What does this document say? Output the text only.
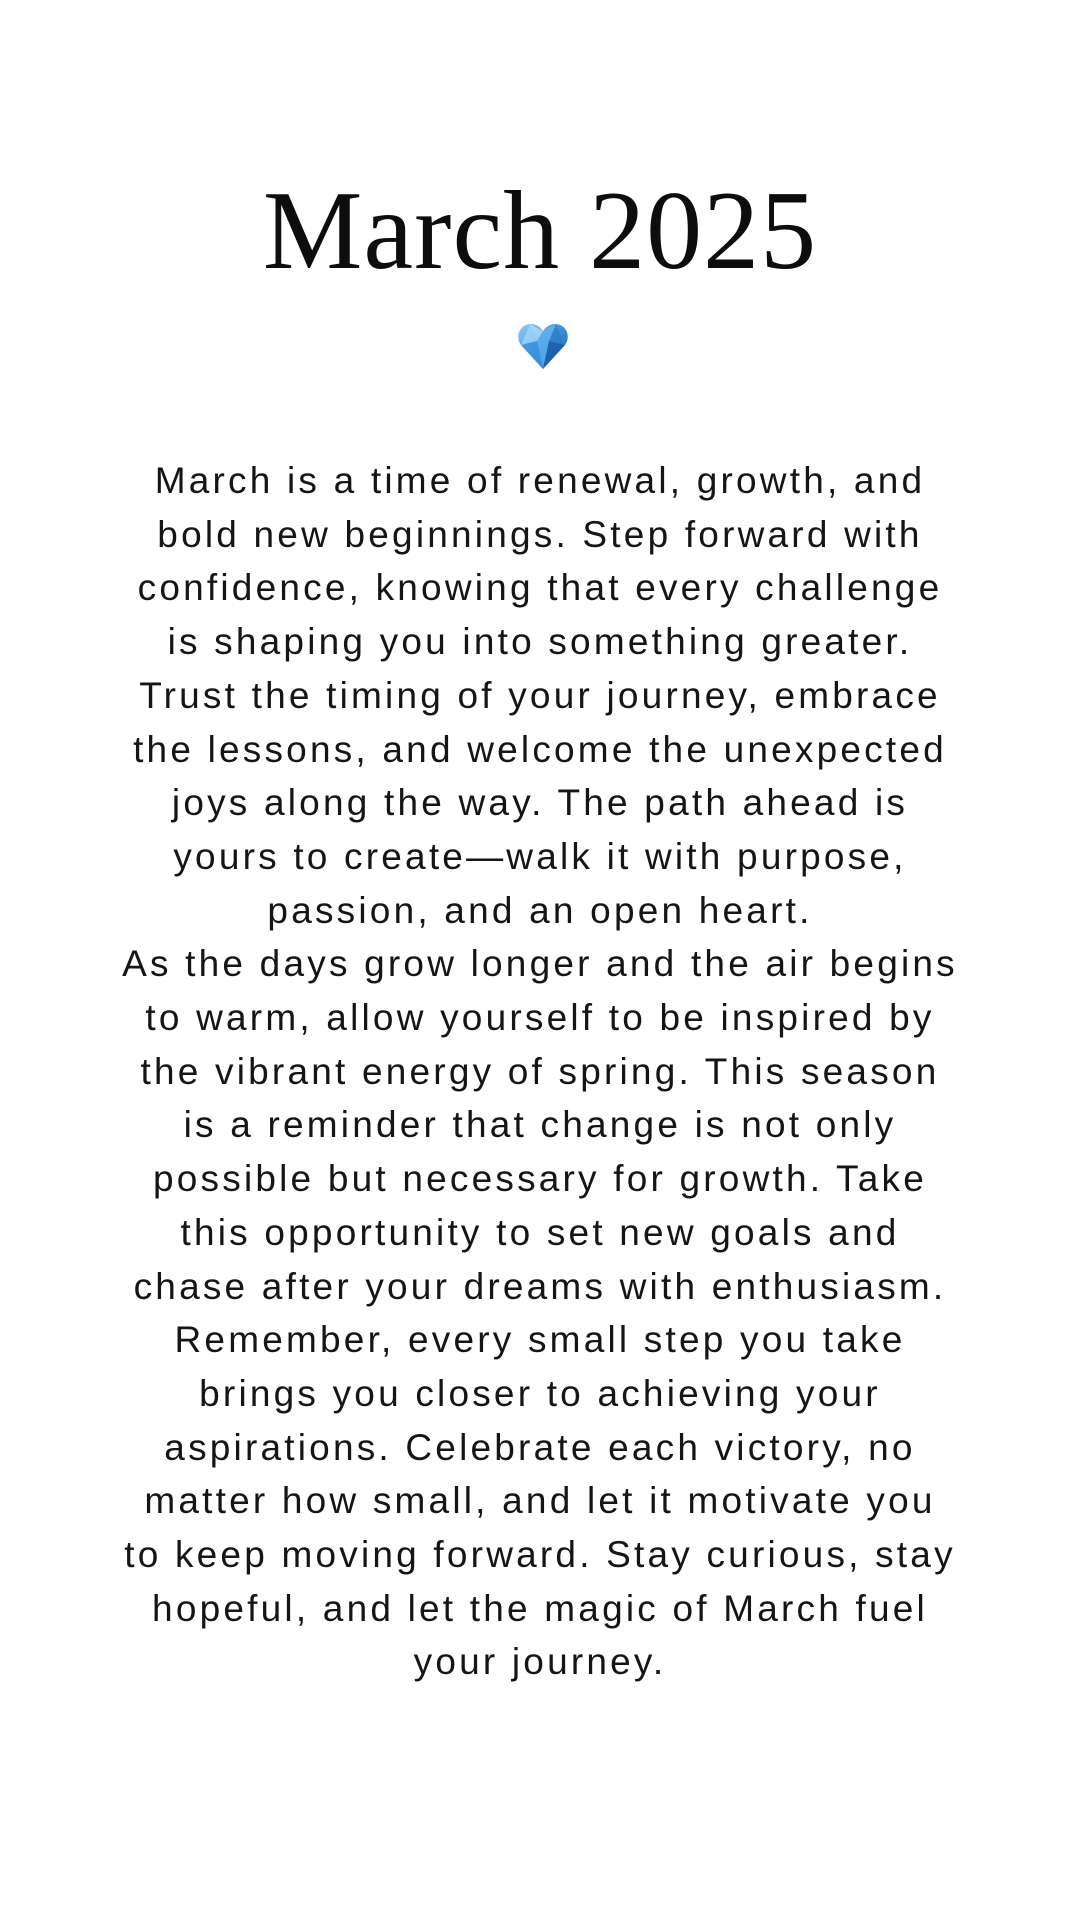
March 2025

March is a time of renewal, growth, and
bold new beginnings. Step forward with
confidence, knowing that every challenge
is shaping you into something greater.
Trust the timing of your journey, embrace
the lessons, and welcome the unexpected
joys along the way. The path ahead is
yours to create—walk it with purpose,
passion, and an open heart.

As the days grow longer and the air begins
to warm, allow yourself to be inspired by
the vibrant energy of spring. This season
is a reminder that change is not only
possible but necessary for growth. Take
this opportunity to set new goals and
chase after your dreams with enthusiasm.
Remember, every small step you take
brings you closer to achieving your
aspirations. Celebrate each victory, no
matter how small, and let it motivate you
to keep moving forward. Stay curious, stay
hopeful, and let the magic of March fuel
your journey.
